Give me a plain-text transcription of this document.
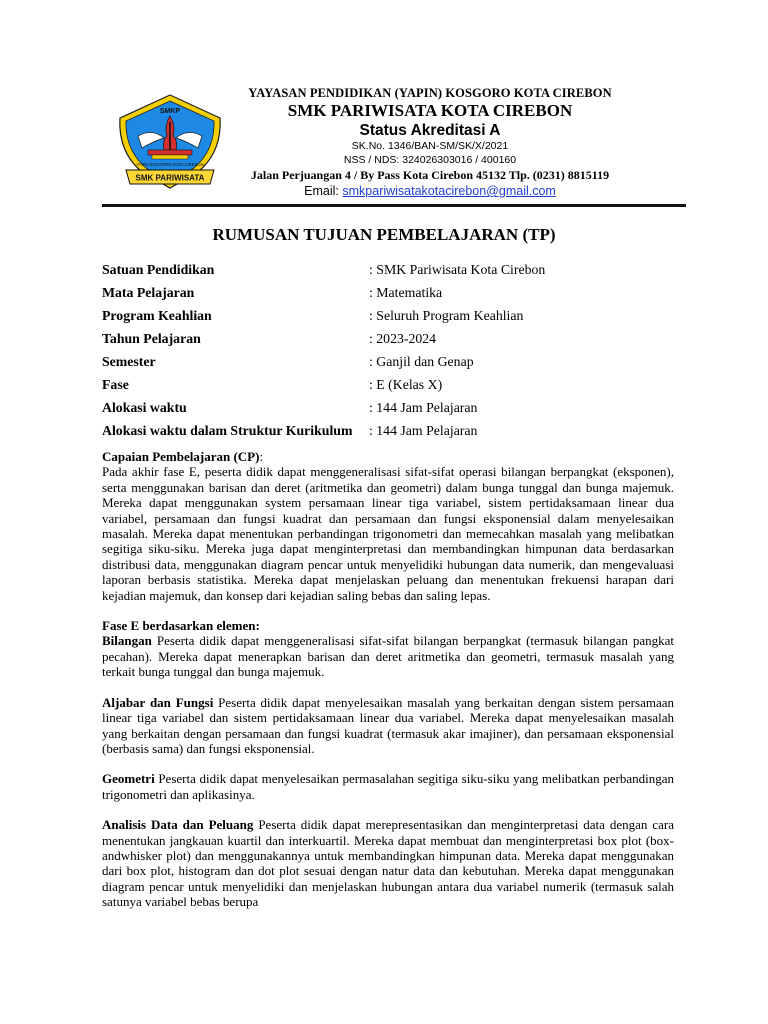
SMKP
YAPIN KOSGORO KOTA CIREBON
SMK PARIWISATA
YAYASAN PENDIDIKAN (YAPIN) KOSGORO KOTA CIREBON
SMK PARIWISATA KOTA CIREBON
Status Akreditasi A
SK.No. 1346/BAN-SM/SK/X/2021
NSS / NDS: 324026303016 / 400160
Jalan Perjuangan 4 / By Pass Kota Cirebon 45132 Tlp. (0231) 8815119
Email: smkpariwisatakotacirebon@gmail.com
RUMUSAN TUJUAN PEMBELAJARAN (TP)
Satuan Pendidikan	: SMK Pariwisata Kota Cirebon
Mata Pelajaran	: Matematika
Program Keahlian	: Seluruh Program Keahlian
Tahun Pelajaran	: 2023-2024
Semester	: Ganjil dan Genap
Fase	: E (Kelas X)
Alokasi waktu	: 144 Jam Pelajaran
Alokasi waktu dalam Struktur Kurikulum	: 144 Jam Pelajaran

Capaian Pembelajaran (CP):

Pada akhir fase E, peserta didik dapat menggeneralisasi sifat-sifat operasi bilangan berpangkat (eksponen), serta menggunakan barisan dan deret (aritmetika dan geometri) dalam bunga tunggal dan bunga majemuk. Mereka dapat menggunakan system persamaan linear tiga variabel, sistem pertidaksamaan linear dua variabel, persamaan dan fungsi kuadrat dan persamaan dan fungsi eksponensial dalam menyelesaikan masalah. Mereka dapat menentukan perbandingan trigonometri dan memecahkan masalah yang melibatkan segitiga siku-siku. Mereka juga dapat menginterpretasi dan membandingkan himpunan data berdasarkan distribusi data, menggunakan diagram pencar untuk menyelidiki hubungan data numerik, dan mengevaluasi laporan berbasis statistika. Mereka dapat menjelaskan peluang dan menentukan frekuensi harapan dari kejadian majemuk, dan konsep dari kejadian saling bebas dan saling lepas.

Fase E berdasarkan elemen:

Bilangan Peserta didik dapat menggeneralisasi sifat-sifat bilangan berpangkat (termasuk bilangan pangkat pecahan). Mereka dapat menerapkan barisan dan deret aritmetika dan geometri, termasuk masalah yang terkait bunga tunggal dan bunga majemuk.

Aljabar dan Fungsi Peserta didik dapat menyelesaikan masalah yang berkaitan dengan sistem persamaan linear tiga variabel dan sistem pertidaksamaan linear dua variabel. Mereka dapat menyelesaikan masalah yang berkaitan dengan persamaan dan fungsi kuadrat (termasuk akar imajiner), dan persamaan eksponensial (berbasis sama) dan fungsi eksponensial.

Geometri Peserta didik dapat menyelesaikan permasalahan segitiga siku-siku yang melibatkan perbandingan trigonometri dan aplikasinya.

Analisis Data dan Peluang Peserta didik dapat merepresentasikan dan menginterpretasi data dengan cara menentukan jangkauan kuartil dan interkuartil. Mereka dapat membuat dan menginterpretasi box plot (box-andwhisker plot) dan menggunakannya untuk membandingkan himpunan data. Mereka dapat menggunakan dari box plot, histogram dan dot plot sesuai dengan natur data dan kebutuhan. Mereka dapat menggunakan diagram pencar untuk menyelidiki dan menjelaskan hubungan antara dua variabel numerik (termasuk salah satunya variabel bebas berupa
